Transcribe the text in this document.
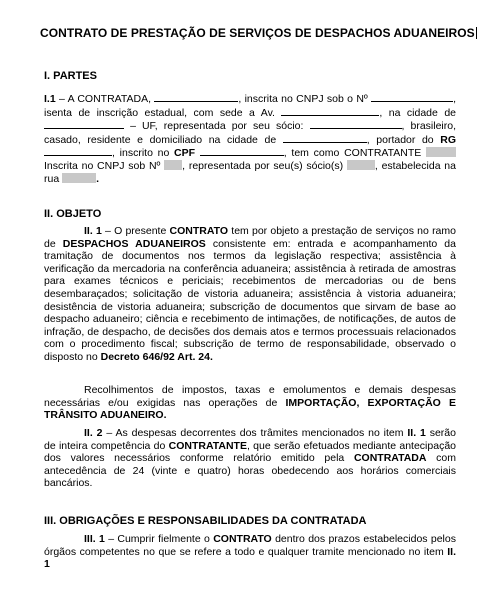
CONTRATO DE PRESTAÇÃO DE SERVIÇOS DE DESPACHOS ADUANEIROS
I. PARTES
I.1 – A CONTRATADA,	, inscrita no CNPJ sob o Nº	, isenta de inscrição estadual, com sede a Av.	, na cidade de  – UF, representada por seu sócio:	, brasileiro, casado, residente e domiciliado na cidade de	, portador do RG , inscrito no CPF	, tem como CONTRATANTE  Inscrita no CNPJ sob Nº , representada por seu(s) sócio(s)	, estabelecida na rua	.
II. OBJETO
II. 1 – O presente CONTRATO tem por objeto a prestação de serviços no ramo de DESPACHOS ADUANEIROS consistente em: entrada e acompanhamento da tramitação de documentos nos termos da legislação respectiva; assistência à verificação da mercadoria na conferência aduaneira; assistência à retirada de amostras para exames técnicos e periciais; recebimentos de mercadorias ou de bens desembaraçados; solicitação de vistoria aduaneira; assistência à vistoria aduaneira; desistência de vistoria aduaneira; subscrição de documentos que sirvam de base ao despacho aduaneiro; ciência e recebimento de intimações, de notificações, de autos de infração, de despacho, de decisões dos demais atos e termos processuais relacionados com o procedimento fiscal; subscrição de termo de responsabilidade, observado o disposto no Decreto 646/92 Art. 24.
Recolhimentos de impostos, taxas e emolumentos e demais despesas necessárias e/ou exigidas nas operações de IMPORTAÇÃO, EXPORTAÇÃO E TRÂNSITO ADUANEIRO.
II. 2 – As despesas decorrentes dos trâmites mencionados no item II. 1 serão de inteira competência do CONTRATANTE, que serão efetuados mediante antecipação dos valores necessários conforme relatório emitido pela CONTRATADA com antecedência de 24 (vinte e quatro) horas obedecendo aos horários comerciais bancários.
III. OBRIGAÇÕES E RESPONSABILIDADES DA CONTRATADA
III. 1 – Cumprir fielmente o CONTRATO dentro dos prazos estabelecidos pelos órgãos competentes no que se refere a todo e qualquer tramite mencionado no item II. 1
